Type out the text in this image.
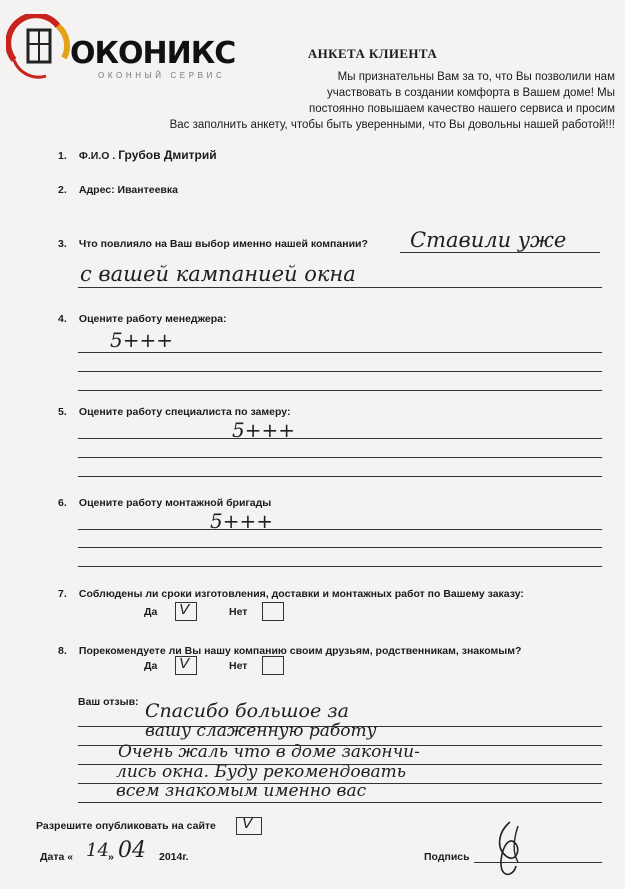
ОКОНИКС
ОКОННЫЙ СЕРВИС
АНКЕТА КЛИЕНТА
Мы признательны Вам за то, что Вы позволили нам
участвовать в создании комфорта в Вашем доме! Мы
постоянно повышаем качество нашего сервиса и просим
Вас заполнить анкету, чтобы быть уверенными, что Вы довольны нашей работой!!!
1. Ф.И.О . Грубов Дмитрий
2. Адрес: Ивантеевка
3. Что повлияло на Ваш выбор именно нашей компании? Ставили уже
с вашей кампанией окна
4. Оцените работу менеджера:
5+++
5. Оцените работу специалиста по замеру:
5+++
6. Оцените работу монтажной бригады
5+++
7. Соблюдены ли сроки изготовления, доставки и монтажных работ по Вашему заказу:
Да V	Нет
8. Порекомендуете ли Вы нашу компанию своим друзьям, родственникам, знакомым?
Да V	Нет
Ваш отзыв: Спасибо большое за
вашу слаженную работу
Очень жаль что в доме закончи-
лись окна. Буду рекомендовать
всем знакомым именно вас
Разрешите опубликовать на сайте V
Дата « 14 » 04 2014г.	Подпись
